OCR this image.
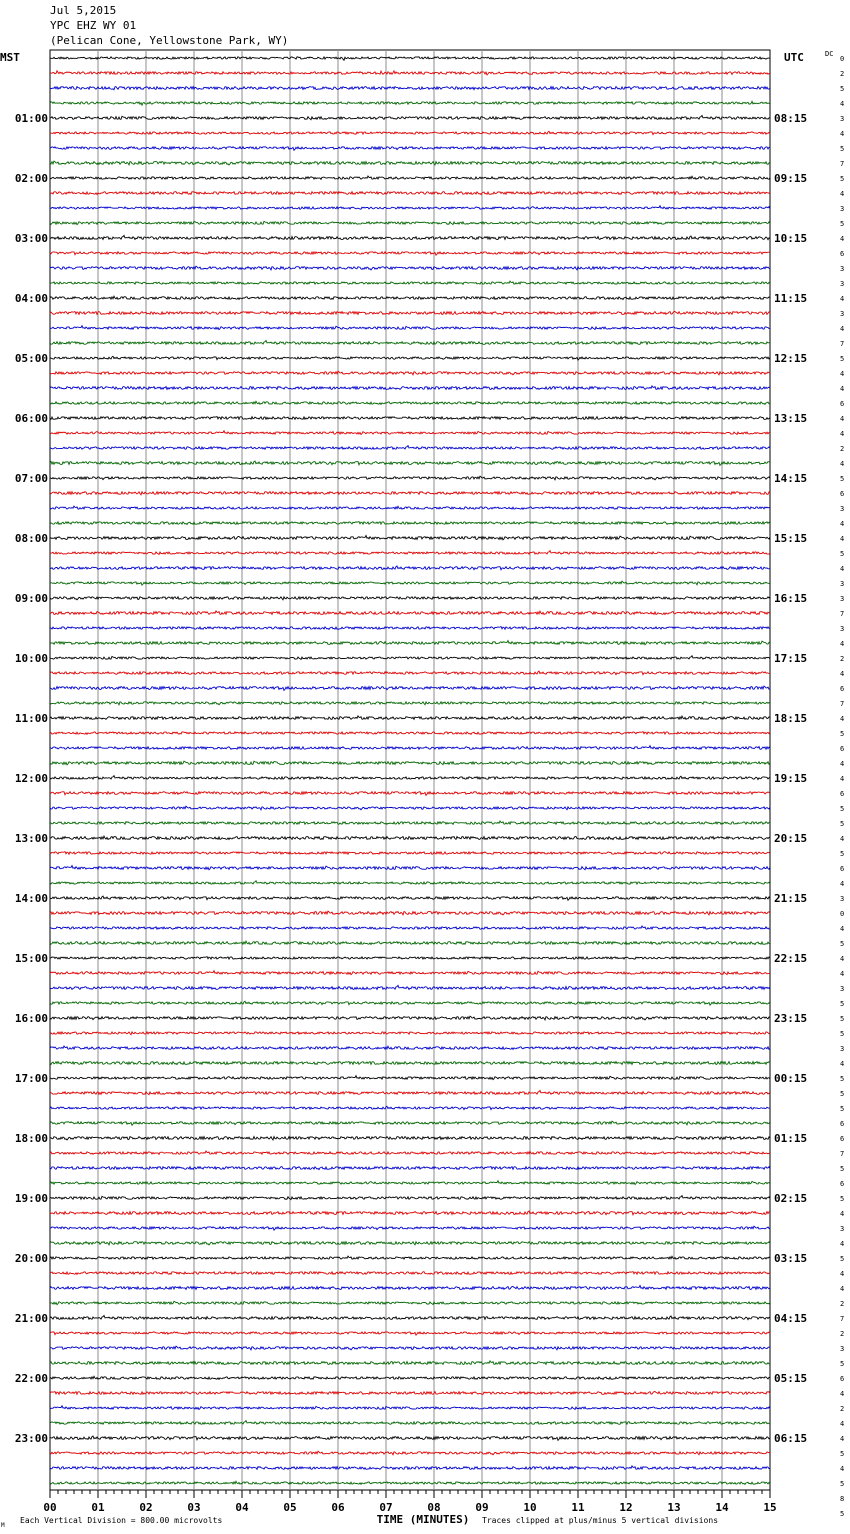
Jul 5,2015
YPC EHZ WY 01
(Pelican Cone, Yellowstone Park, WY)
MST	UTC	DC
01:00
02:00
03:00
04:00
05:00
06:00
07:00
08:00
09:00
10:00
11:00
12:00
13:00
14:00
15:00
16:00
17:00
18:00
19:00
20:00
21:00
22:00
23:00
08:15
09:15
10:15
11:15
12:15
13:15
14:15
15:15
16:15
17:15
18:15
19:15
20:15
21:15
22:15
23:15
00:15
01:15
02:15
03:15
04:15
05:15
06:15
0
2
5
4
3
4
5
7
5
4
3
5
4
6
3
3
4
3
4
7
5
4
4
6
4
4
2
4
5
6
3
4
4
5
4
3
3
7
3
4
2
4
6
7
4
5
6
4
4
6
5
5
4
5
6
4
3
0
4
5
4
4
3
5
5
5
3
4
5
5
5
6
6
7
5
6
5
4
3
4
5
4
4
2
7
2
3
5
6
4
2
4
4
5
4
5
8
5
00	01	02	03	04	05	06	07	08	09	10	11	12	13	14	15
TIME (MINUTES)
Each Vertical Division = 800.00 microvolts	Traces clipped at plus/minus 5 vertical divisions
M
